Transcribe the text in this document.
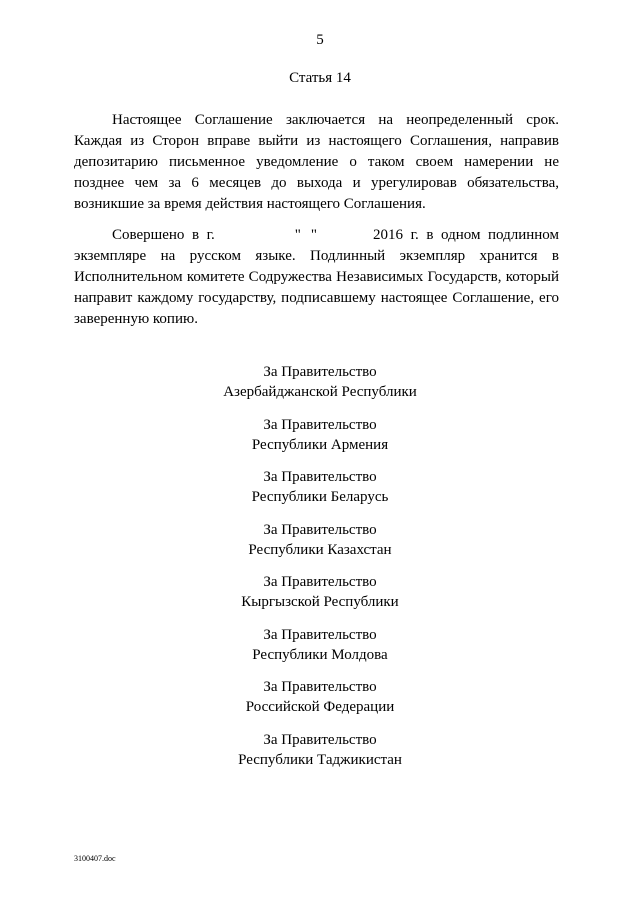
5
Статья 14

Настоящее Соглашение заключается на неопределенный срок. Каждая из Сторон вправе выйти из настоящего Соглашения, направив депозитарию письменное уведомление о таком своем намерении не позднее чем за 6 месяцев до выхода и урегулировав обязательства, возникшие за время действия настоящего Соглашения.

Совершено в г.	" "	2016 г. в одном подлинном экземпляре на русском языке. Подлинный экземпляр хранится в Исполнительном комитете Содружества Независимых Государств, который направит каждому государству, подписавшему настоящее Соглашение, его заверенную копию.

За Правительство
Азербайджанской Республики
За Правительство
Республики Армения
За Правительство
Республики Беларусь
За Правительство
Республики Казахстан
За Правительство
Кыргызской Республики
За Правительство
Республики Молдова
За Правительство
Российской Федерации
За Правительство
Республики Таджикистан
3100407.doc
